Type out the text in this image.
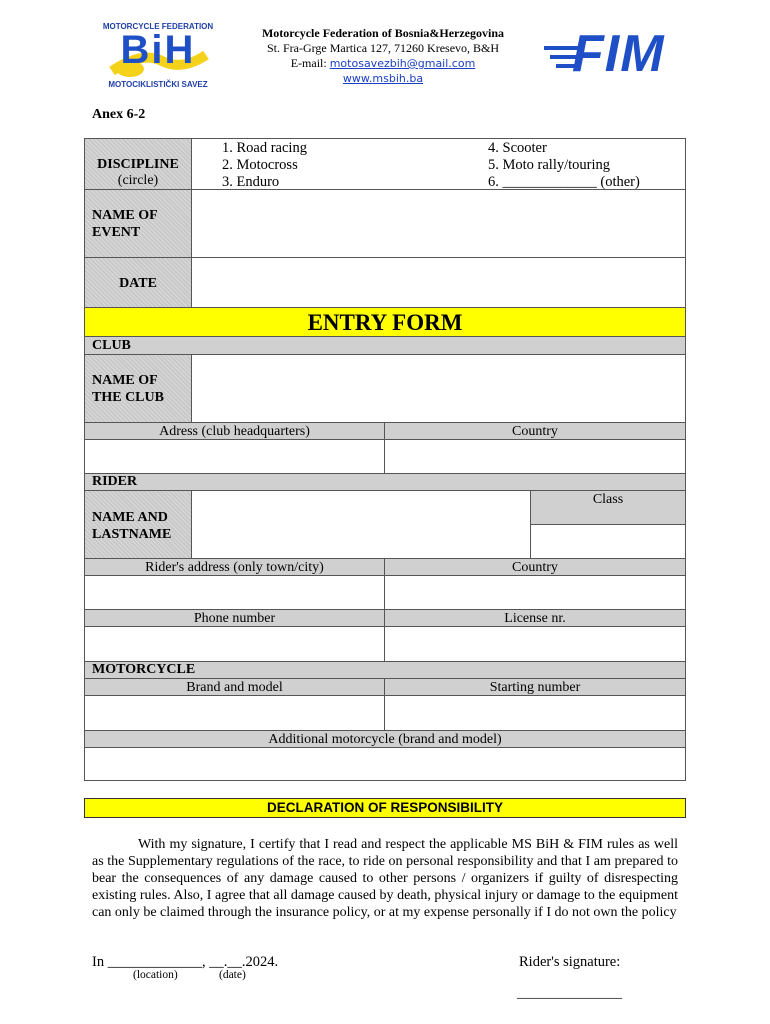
MOTORCYCLE FEDERATION
BiH
MOTOCIKLISTIČKI SAVEZ
Motorcycle Federation of Bosnia&Herzegovina
St. Fra-Grge Martica 127, 71260 Kresevo, B&H
E-mail: motosavezbih@gmail.com
www.msbih.ba	FIM
Anex 6-2
DISCIPLINE
(circle)
1. Road racing
2. Motocross
3. Enduro
4. Scooter
5. Moto rally/touring
6. _____________ (other)
NAME OF
EVENT
DATE
ENTRY FORM
CLUB
NAME OF
THE CLUB
Adress (club headquarters)	Country
RIDER
NAME AND
LASTNAME
Class
Rider's address (only town/city)	Country
Phone number	License nr.
MOTORCYCLE
Brand and model	Starting number
Additional motorcycle (brand and model)
DECLARATION OF RESPONSIBILITY
With my signature, I certify that I read and respect the applicable MS BiH & FIM rules as well as the Supplementary regulations of the race, to ride on personal responsibility and that I am prepared to bear the consequences of any damage caused to other persons / organizers if guilty of disrespecting existing rules. Also, I agree that all damage caused by death, physical injury or damage to the equipment can only be claimed through the insurance policy, or at my expense personally if I do not own the policy
In _____________, __.__.2024.
(location)	(date)
Rider's signature:
_______________
